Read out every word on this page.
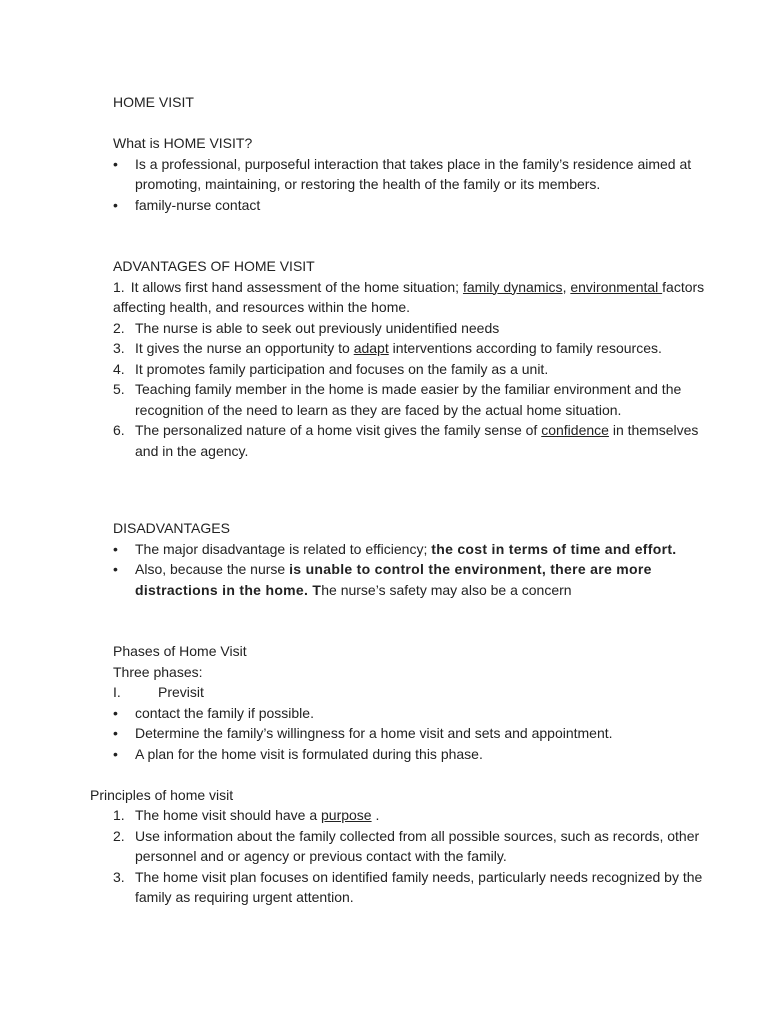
HOME VISIT

What is HOME VISIT?

• Is a professional, purposeful interaction that takes place in the family’s residence aimed at promoting, maintaining, or restoring the health of the family or its members.
• family-nurse contact

ADVANTAGES OF HOME VISIT

1. It allows first hand assessment of the home situation; family dynamics, environmental factors affecting health, and resources within the home.

2. The nurse is able to seek out previously unidentified needs
3. It gives the nurse an opportunity to adapt interventions according to family resources.
4. It promotes family participation and focuses on the family as a unit.
5. Teaching family member in the home is made easier by the familiar environment and the recognition of the need to learn as they are faced by the actual home situation.
6. The personalized nature of a home visit gives the family sense of confidence in themselves and in the agency.

DISADVANTAGES

• The major disadvantage is related to efficiency; the cost in terms of time and effort.
• Also, because the nurse is unable to control the environment, there are more distractions in the home. The nurse’s safety may also be a concern

Phases of Home Visit

Three phases:

I.	Previsit

• contact the family if possible.
• Determine the family’s willingness for a home visit and sets and appointment.
• A plan for the home visit is formulated during this phase.

Principles of home visit

1. The home visit should have a purpose .
2. Use information about the family collected from all possible sources, such as records, other personnel and or agency or previous contact with the family.
3. The home visit plan focuses on identified family needs, particularly needs recognized by the family as requiring urgent attention.
